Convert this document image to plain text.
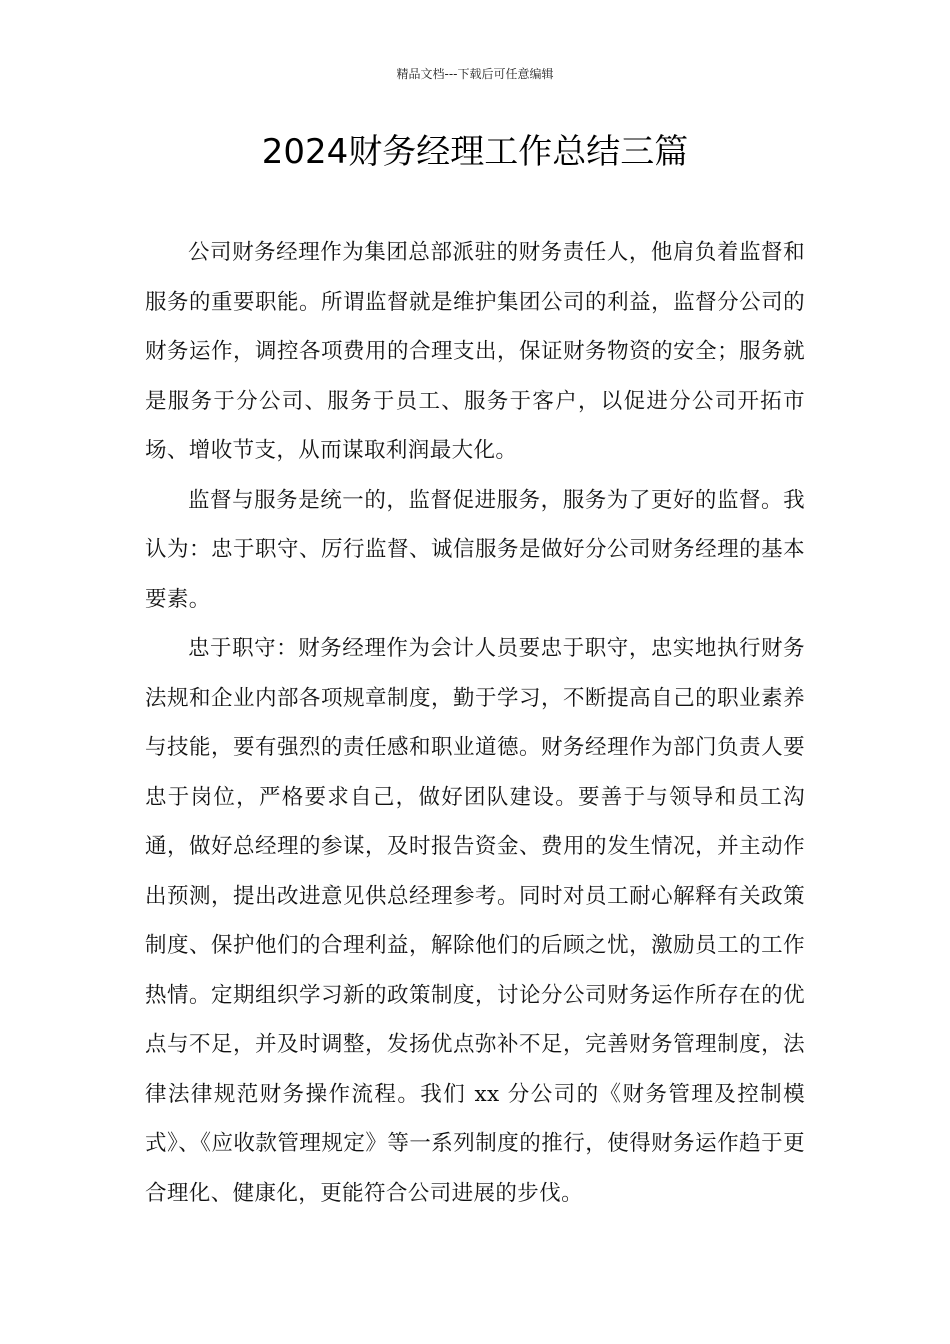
精品文档---下载后可任意编辑
2024财务经理工作总结三篇

公司财务经理作为集团总部派驻的财务责任人，他肩负着监督和服务的重要职能。所谓监督就是维护集团公司的利益，监督分公司的财务运作，调控各项费用的合理支出，保证财务物资的安全；服务就是服务于分公司、服务于员工、服务于客户，以促进分公司开拓市场、增收节支，从而谋取利润最大化。

监督与服务是统一的，监督促进服务，服务为了更好的监督。我认为：忠于职守、厉行监督、诚信服务是做好分公司财务经理的基本要素。

忠于职守：财务经理作为会计人员要忠于职守，忠实地执行财务法规和企业内部各项规章制度，勤于学习，不断提高自己的职业素养与技能，要有强烈的责任感和职业道德。财务经理作为部门负责人要忠于岗位，严格要求自己，做好团队建设。要善于与领导和员工沟通，做好总经理的参谋，及时报告资金、费用的发生情况，并主动作出预测，提出改进意见供总经理参考。同时对员工耐心解释有关政策制度、保护他们的合理利益，解除他们的后顾之忧，激励员工的工作热情。定期组织学习新的政策制度，讨论分公司财务运作所存在的优点与不足，并及时调整，发扬优点弥补不足，完善财务管理制度，法律法律规范财务操作流程。我们 xx 分公司的《财务管理及控制模式》、《应收款管理规定》等一系列制度的推行，使得财务运作趋于更合理化、健康化，更能符合公司进展的步伐。
